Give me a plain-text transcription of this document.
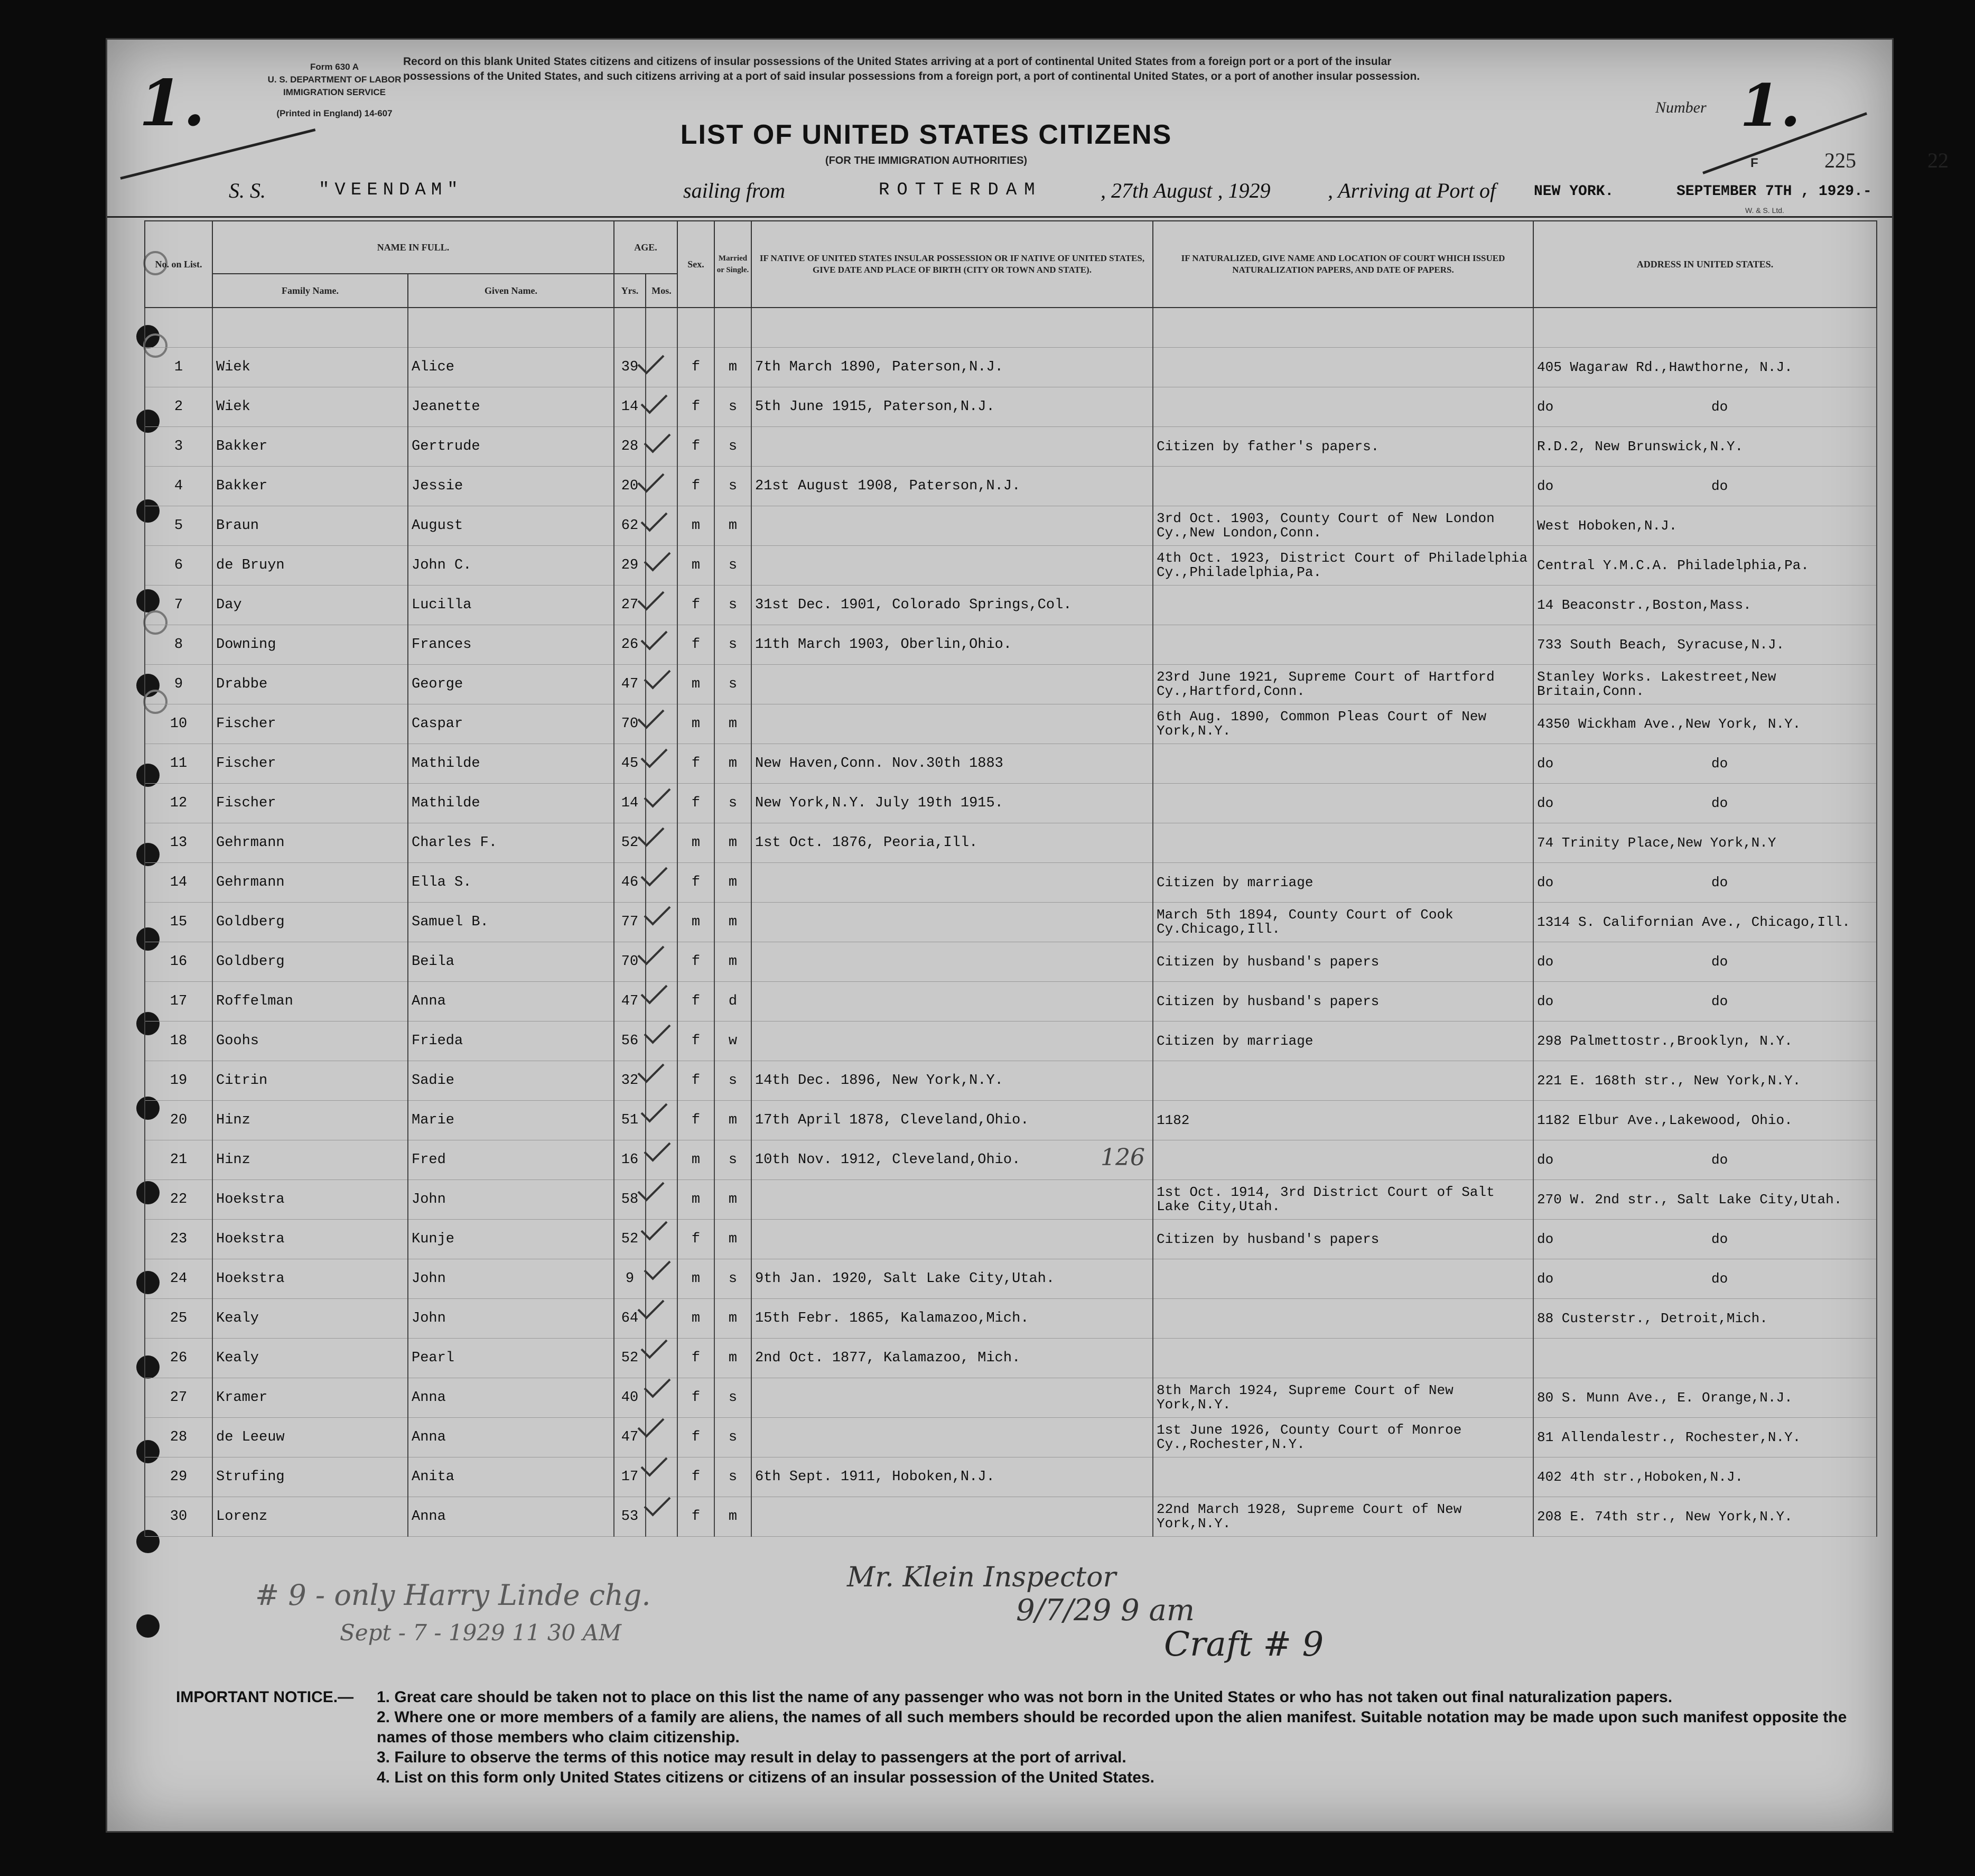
1.	Form 630 A
U. S. DEPARTMENT OF LABOR
IMMIGRATION SERVICE
(Printed in England) 14-607
Record on this blank United States citizens and citizens of insular possessions of the United States arriving at a port of continental United States from a foreign port or a port of the insular possessions of the United States, and such citizens arriving at a port of said insular possessions from a foreign port, a port of continental United States, or a port of another insular possession.
LIST OF UNITED STATES CITIZENS
(FOR THE IMMIGRATION AUTHORITIES)
Number 1.
225	22
F
W. & S. Ltd.
S. S.	"VEENDAM"	sailing from	ROTTERDAM	, 27th August , 1929	, Arriving at Port of	NEW YORK.	SEPTEMBER 7TH , 1929.-
No. on List.	NAME IN FULL.		AGE.		Sex.	Married or Single.	IF NATIVE OF UNITED STATES INSULAR POSSESSION OR IF NATIVE OF UNITED STATES, GIVE DATE AND PLACE OF BIRTH (CITY OR TOWN AND STATE).	IF NATURALIZED, GIVE NAME AND LOCATION OF COURT WHICH ISSUED NATURALIZATION PAPERS, AND DATE OF PAPERS.	ADDRESS IN UNITED STATES.
	Family Name.	Given Name.	Yrs.	Mos.					

1	Wiek	Alice	39		f	m	7th March 1890, Paterson,N.J.		405 Wagaraw Rd.,Hawthorne, N.J.
2	Wiek	Jeanette	14		f	s	5th June 1915, Paterson,N.J.		do do
3	Bakker	Gertrude	28		f	s		Citizen by father's papers.	R.D.2, New Brunswick,N.Y.
4	Bakker	Jessie	20		f	s	21st August 1908, Paterson,N.J.		do do
5	Braun	August	62		m	m		3rd Oct. 1903, County Court of New London Cy.,New London,Conn.	West Hoboken,N.J.
6	de Bruyn	John C.	29		m	s		4th Oct. 1923, District Court of Philadelphia Cy.,Philadelphia,Pa.	Central Y.M.C.A. Philadelphia,Pa.
7	Day	Lucilla	27		f	s	31st Dec. 1901, Colorado Springs,Col.		14 Beaconstr.,Boston,Mass.
8	Downing	Frances	26		f	s	11th March 1903, Oberlin,Ohio.		733 South Beach, Syracuse,N.J.
9	Drabbe	George	47		m	s		23rd June 1921, Supreme Court of Hartford Cy.,Hartford,Conn.	Stanley Works. Lakestreet,New Britain,Conn.
10	Fischer	Caspar	70		m	m		6th Aug. 1890, Common Pleas Court of New York,N.Y.	4350 Wickham Ave.,New York, N.Y.
11	Fischer	Mathilde	45		f	m	New Haven,Conn. Nov.30th 1883		do do
12	Fischer	Mathilde	14		f	s	New York,N.Y. July 19th 1915.		do do
13	Gehrmann	Charles F.	52		m	m	1st Oct. 1876, Peoria,Ill.		74 Trinity Place,New York,N.Y
14	Gehrmann	Ella S.	46		f	m		Citizen by marriage	do do
15	Goldberg	Samuel B.	77		m	m		March 5th 1894, County Court of Cook Cy.Chicago,Ill.	1314 S. Californian Ave., Chicago,Ill.
16	Goldberg	Beila	70		f	m		Citizen by husband's papers	do do
17	Roffelman	Anna	47		f	d		Citizen by husband's papers	do do
18	Goohs	Frieda	56		f	w		Citizen by marriage	298 Palmettostr.,Brooklyn, N.Y.
19	Citrin	Sadie	32		f	s	14th Dec. 1896, New York,N.Y.		221 E. 168th str., New York,N.Y.
20	Hinz	Marie	51		f	m	17th April 1878, Cleveland,Ohio.	1182	1182 Elbur Ave.,Lakewood, Ohio.
21	Hinz	Fred	16		m	s	10th Nov. 1912, Cleveland,Ohio.		do do
22	Hoekstra	John	58		m	m		1st Oct. 1914, 3rd District Court of Salt Lake City,Utah.	270 W. 2nd str., Salt Lake City,Utah.
23	Hoekstra	Kunje	52		f	m		Citizen by husband's papers	do do
24	Hoekstra	John	9		m	s	9th Jan. 1920, Salt Lake City,Utah.		do do
25	Kealy	John	64		m	m	15th Febr. 1865, Kalamazoo,Mich.		88 Custerstr., Detroit,Mich.
26	Kealy	Pearl	52		f	m	2nd Oct. 1877, Kalamazoo, Mich.		
27	Kramer	Anna	40		f	s		8th March 1924, Supreme Court of New York,N.Y.	80 S. Munn Ave., E. Orange,N.J.
28	de Leeuw	Anna	47		f	s		1st June 1926, County Court of Monroe Cy.,Rochester,N.Y.	81 Allendalestr., Rochester,N.Y.
29	Strufing	Anita	17		f	s	6th Sept. 1911, Hoboken,N.J.		402 4th str.,Hoboken,N.J.
30	Lorenz	Anna	53		f	m		22nd March 1928, Supreme Court of New York,N.Y.	208 E. 74th str., New York,N.Y.
# 9 - only Harry Linde chg.
Sept - 7 - 1929 11 30 AM
Mr. Klein Inspector
9/7/29 9 am
Craft # 9
126
IMPORTANT NOTICE.— 1. Great care should be taken not to place on this list the name of any passenger who was not born in the United States or who has not taken out final naturalization papers.
2. Where one or more members of a family are aliens, the names of all such members should be recorded upon the alien manifest. Suitable notation may be made upon such manifest opposite the names of those members who claim citizenship.
3. Failure to observe the terms of this notice may result in delay to passengers at the port of arrival.
4. List on this form only United States citizens or citizens of an insular possession of the United States.
